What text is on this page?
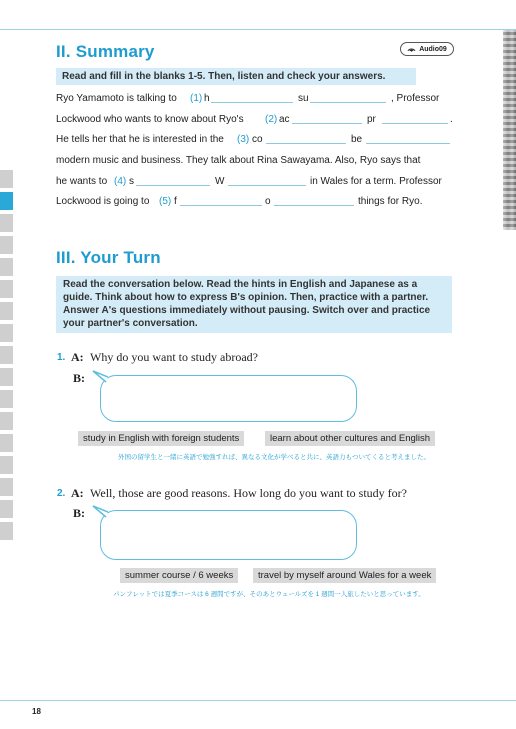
II. Summary	Audio09
Read and fill in the blanks 1-5. Then, listen and check your answers.
Ryo Yamamoto is talking to (1) h	su	, Professor
Lockwood who wants to know about Ryo's (2) ac	pr	.
He tells her that he is interested in the (3) co	be
modern music and business. They talk about Rina Sawayama. Also, Ryo says that
he wants to (4) s	W	in Wales for a term. Professor
Lockwood is going to (5) f	o	things for Ryo.
III. Your Turn
Read the conversation below. Read the hints in English and Japanese as a guide. Think about how to express B's opinion. Then, practice with a partner. Answer A's questions immediately without pausing. Switch over and practice your partner's conversation.
1. A: Why do you want to study abroad?
B:
study in English with foreign students	learn about other cultures and English
外国の留学生と一緒に英語で勉強すれば、異なる文化が学べると共に、英語力もついてくると考えました。
2. A: Well, those are good reasons. How long do you want to study for?
B:
summer course / 6 weeks	travel by myself around Wales for a week
パンフレットでは夏季コースは 6 週間ですが、そのあとウェールズを 1 週間一人旅したいと思っています。
18
